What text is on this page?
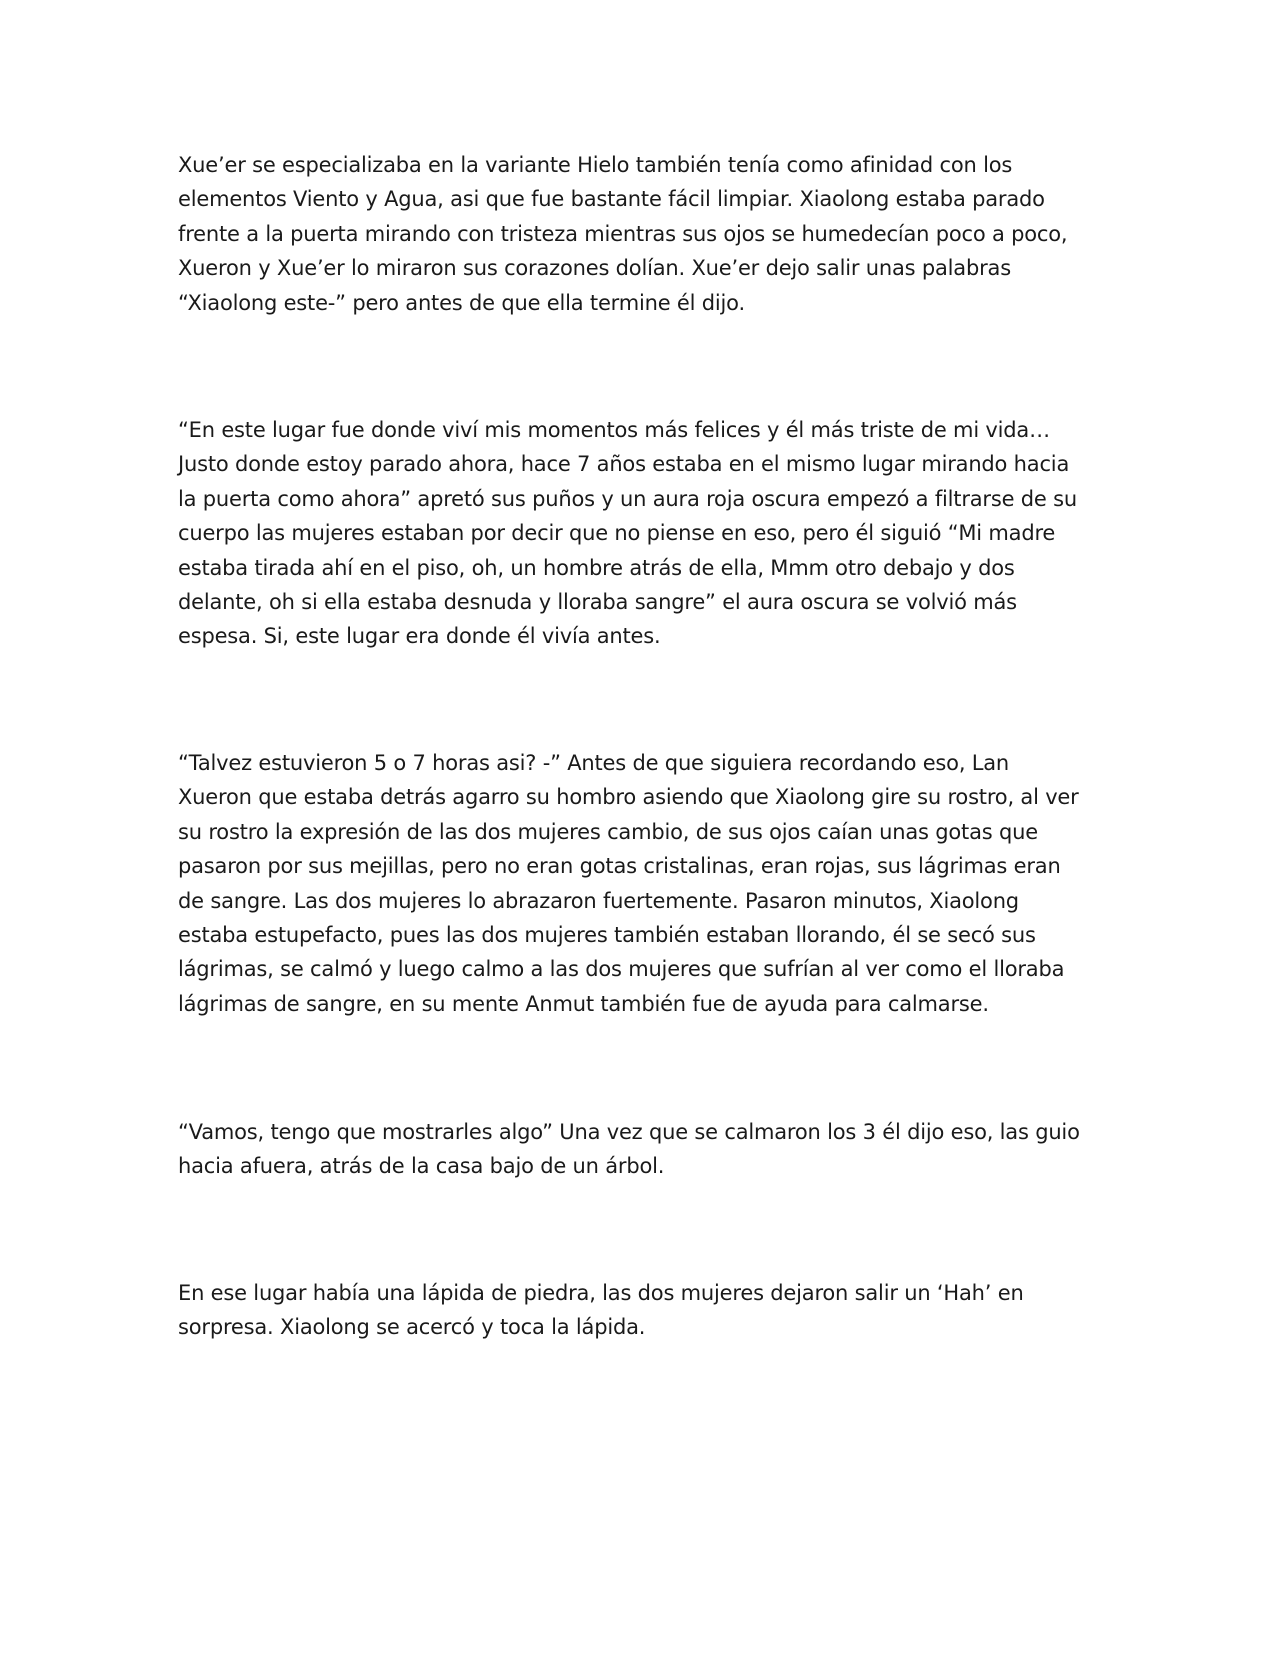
Xue’er se especializaba en la variante Hielo también tenía como afinidad con los
elementos Viento y Agua, asi que fue bastante fácil limpiar. Xiaolong estaba parado
frente a la puerta mirando con tristeza mientras sus ojos se humedecían poco a poco,
Xueron y Xue’er lo miraron sus corazones dolían. Xue’er dejo salir unas palabras
“Xiaolong este-” pero antes de que ella termine él dijo.

“En este lugar fue donde viví mis momentos más felices y él más triste de mi vida…
Justo donde estoy parado ahora, hace 7 años estaba en el mismo lugar mirando hacia
la puerta como ahora” apretó sus puños y un aura roja oscura empezó a filtrarse de su
cuerpo las mujeres estaban por decir que no piense en eso, pero él siguió “Mi madre
estaba tirada ahí en el piso, oh, un hombre atrás de ella, Mmm otro debajo y dos
delante, oh si ella estaba desnuda y lloraba sangre” el aura oscura se volvió más
espesa. Si, este lugar era donde él vivía antes.

“Talvez estuvieron 5 o 7 horas asi? -” Antes de que siguiera recordando eso, Lan
Xueron que estaba detrás agarro su hombro asiendo que Xiaolong gire su rostro, al ver
su rostro la expresión de las dos mujeres cambio, de sus ojos caían unas gotas que
pasaron por sus mejillas, pero no eran gotas cristalinas, eran rojas, sus lágrimas eran
de sangre. Las dos mujeres lo abrazaron fuertemente. Pasaron minutos, Xiaolong
estaba estupefacto, pues las dos mujeres también estaban llorando, él se secó sus
lágrimas, se calmó y luego calmo a las dos mujeres que sufrían al ver como el lloraba
lágrimas de sangre, en su mente Anmut también fue de ayuda para calmarse.

“Vamos, tengo que mostrarles algo” Una vez que se calmaron los 3 él dijo eso, las guio
hacia afuera, atrás de la casa bajo de un árbol.

En ese lugar había una lápida de piedra, las dos mujeres dejaron salir un ‘Hah’ en
sorpresa. Xiaolong se acercó y toca la lápida.
